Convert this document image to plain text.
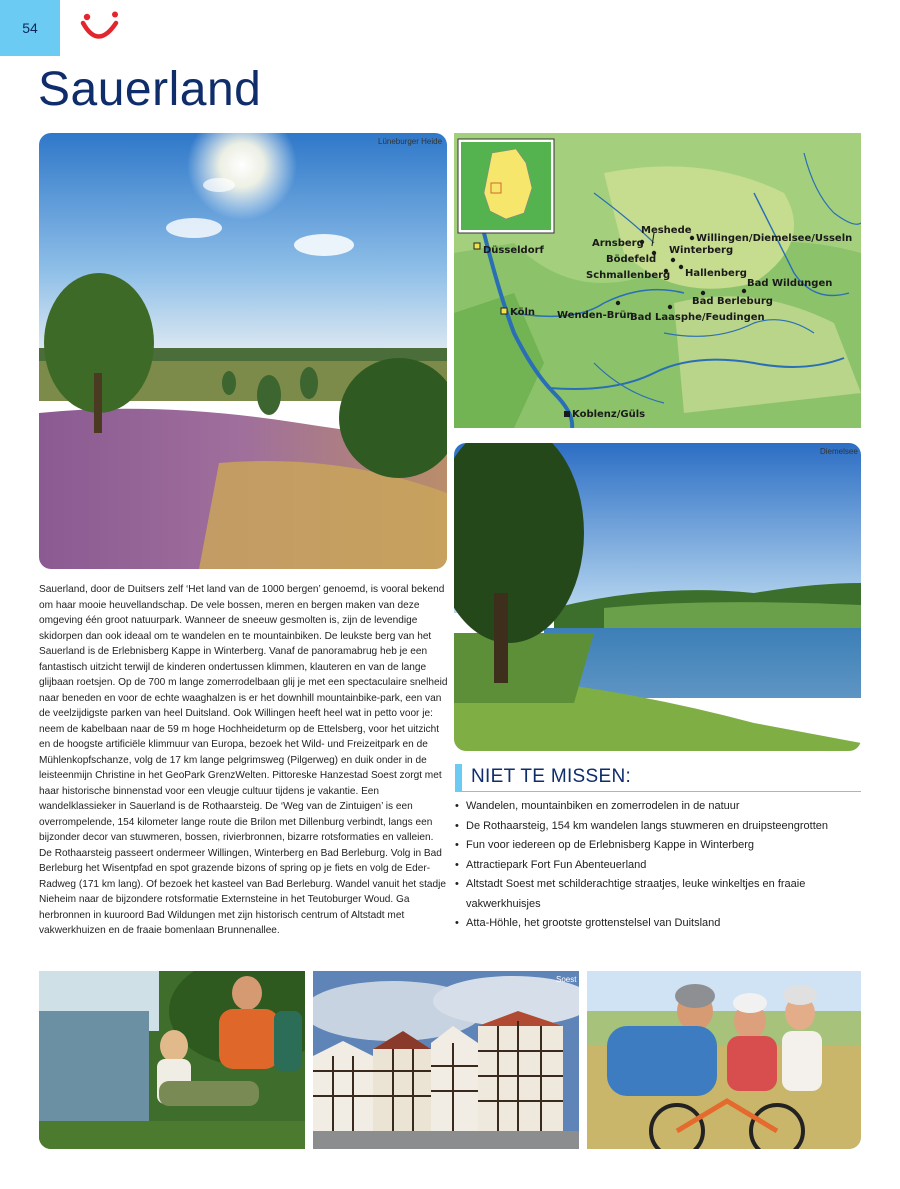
54
Sauerland
Lüneburger Heide
Düsseldorf
Köln
Koblenz/Güls
Meshede
Arnsberg	Willingen/Diemelsee/Usseln
Winterberg
Bödefeld
Schmallenberg Hallenberg
Bad Wildungen
Bad Berleburg
Wenden-Brün
Bad Laasphe/Feudingen
Diemelsee

Sauerland, door de Duitsers zelf ‘Het land van de 1000 bergen’ genoemd, is vooral bekend om haar mooie heuvellandschap. De vele bossen, meren en bergen maken van deze omgeving één groot natuurpark. Wanneer de sneeuw gesmolten is, zijn de levendige skidorpen dan ook ideaal om te wandelen en te mountainbiken. De leukste berg van het Sauerland is de Erlebnisberg Kappe in Winterberg. Vanaf de panoramabrug heb je een fantastisch uitzicht terwijl de kinderen ondertussen klimmen, klauteren en van de lange glijbaan roetsjen. Op de 700 m lange zomerrodelbaan glij je met een spectaculaire snelheid naar beneden en voor de echte waaghalzen is er het downhill mountainbike-park, een van de veelzijdigste parken van heel Duitsland. Ook Willingen heeft heel wat in petto voor je: neem de kabelbaan naar de 59 m hoge Hochheideturm op de Ettelsberg, voor het uitzicht en de hoogste artificiële klimmuur van Europa, bezoek het Wild- und Freizeitpark en de Mühlenkopfschanze, volg de 17 km lange pelgrimsweg (Pilgerweg) en duik onder in de leisteenmijn Christine in het GeoPark GrenzWelten. Pittoreske Hanzestad Soest zorgt met haar historische binnenstad voor een vleugje cultuur tijdens je vakantie. Een wandelklassieker in Sauerland is de Rothaarsteig. De ‘Weg van de Zintuigen’ is een overrompelende, 154 kilometer lange route die Brilon met Dillenburg verbindt, langs een bijzonder decor van stuwmeren, bossen, rivierbronnen, bizarre rotsformaties en valleien. De Rothaarsteig passeert ondermeer Willingen, Winterberg en Bad Berleburg. Volg in Bad Berleburg het Wisentpfad en spot grazende bizons of spring op je fiets en volg de Eder-Radweg (171 km lang). Of bezoek het kasteel van Bad Berleburg. Wandel vanuit het stadje Nieheim naar de bijzondere rotsformatie Externsteine in het Teutoburger Woud. Ga herbronnen in kuuroord Bad Wildungen met zijn historisch centrum of Altstadt met vakwerkhuizen en de fraaie bomenlaan Brunnenallee.

NIET TE MISSEN:
• Wandelen, mountainbiken en zomerrodelen in de natuur
• De Rothaarsteig, 154 km wandelen langs stuwmeren en druipsteengrotten
• Fun voor iedereen op de Erlebnisberg Kappe in Winterberg
• Attractiepark Fort Fun Abenteuerland
• Altstadt Soest met schilderachtige straatjes, leuke winkeltjes en fraaie vakwerkhuisjes
• Atta-Höhle, het grootste grottenstelsel van Duitsland
Soest
